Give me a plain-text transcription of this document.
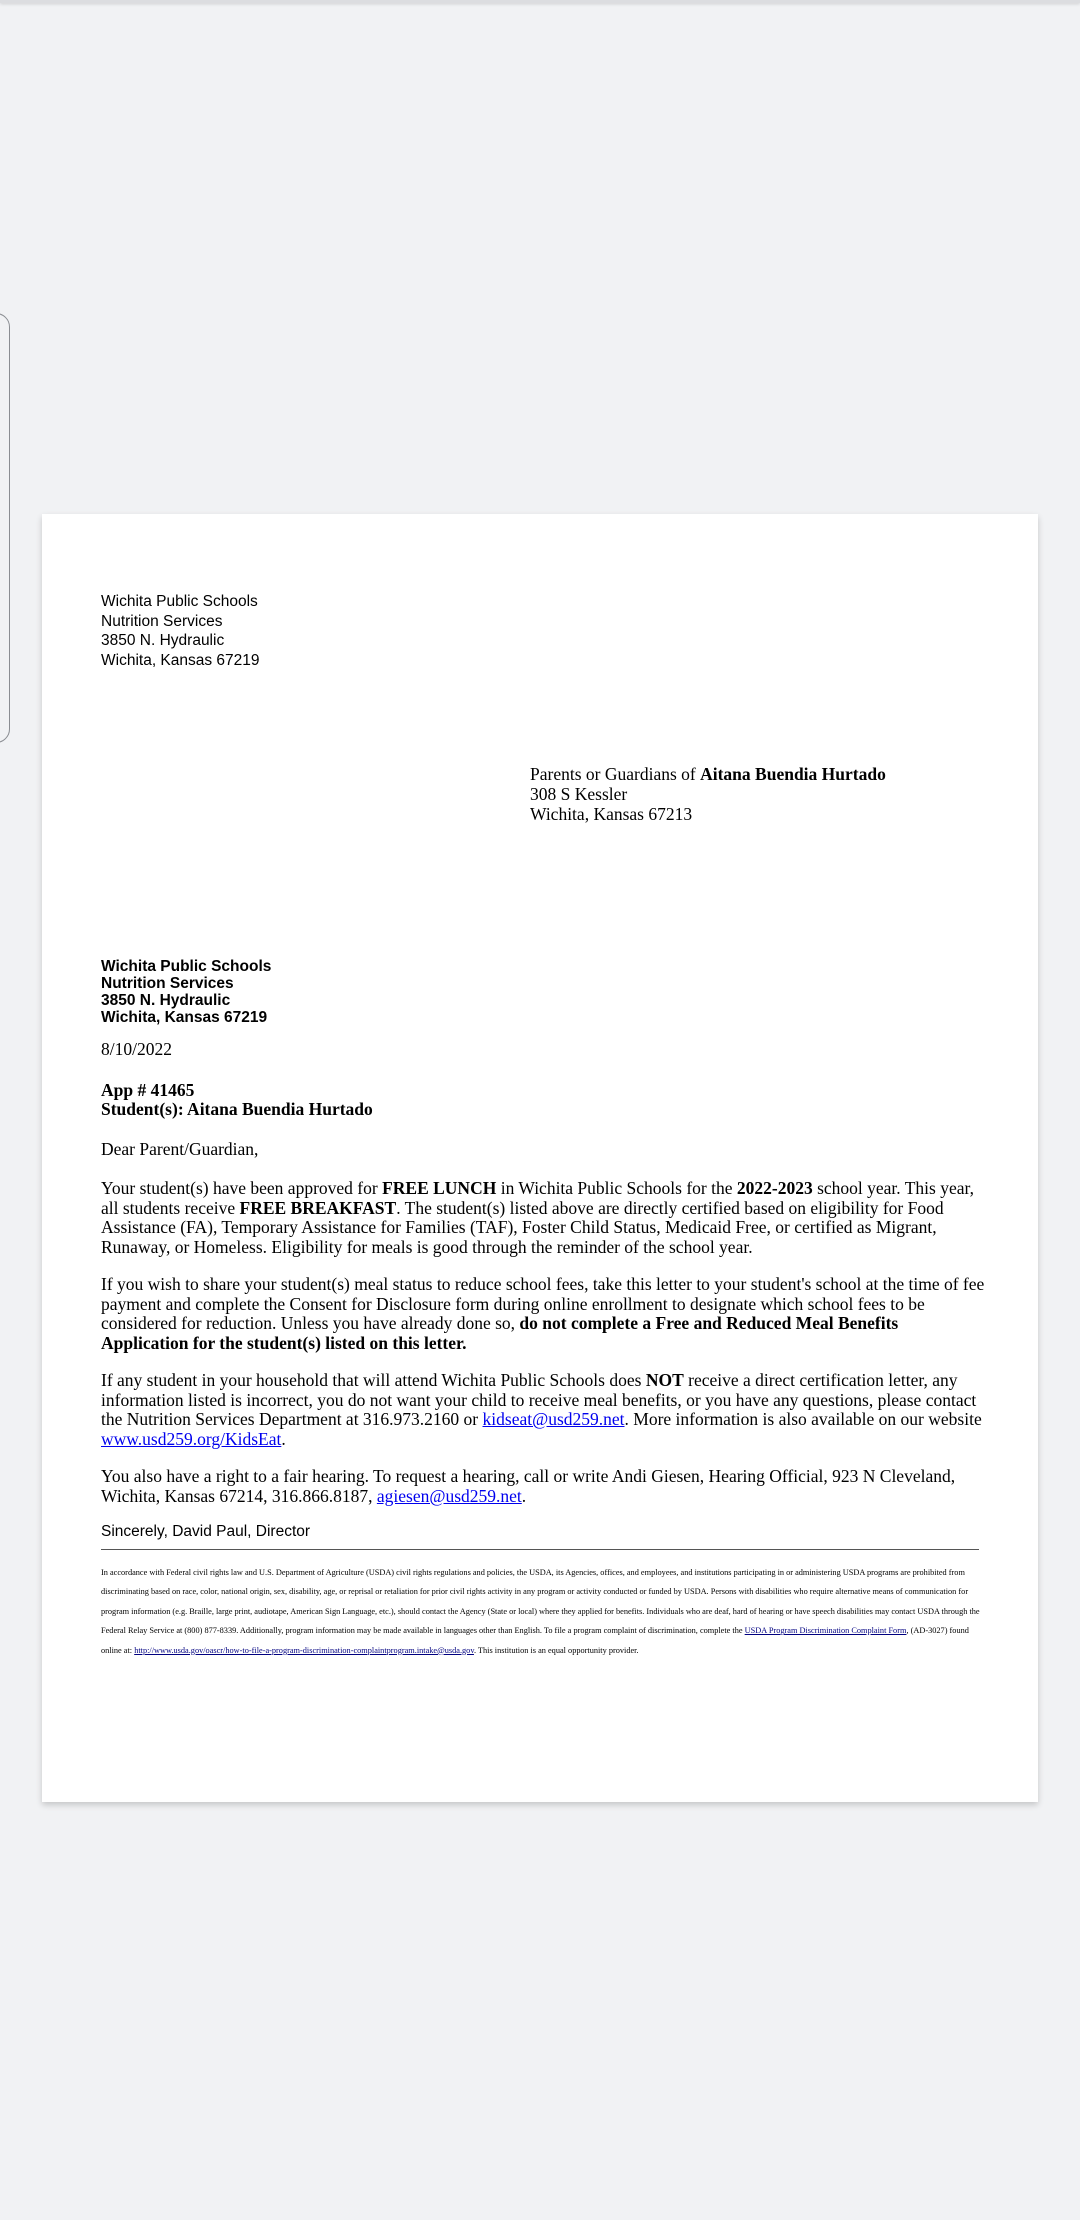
Wichita Public Schools
Nutrition Services
3850 N. Hydraulic
Wichita, Kansas 67219
Parents or Guardians of Aitana Buendia Hurtado
308 S Kessler
Wichita, Kansas 67213
Wichita Public Schools
Nutrition Services
3850 N. Hydraulic
Wichita, Kansas 67219

8/10/2022

App # 41465

Student(s): Aitana Buendia Hurtado

Dear Parent/Guardian,

Your student(s) have been approved for FREE LUNCH in Wichita Public Schools for the 2022-2023 school year. This year, all students receive FREE BREAKFAST. The student(s) listed above are directly certified based on eligibility for Food Assistance (FA), Temporary Assistance for Families (TAF), Foster Child Status, Medicaid Free, or certified as Migrant, Runaway, or Homeless. Eligibility for meals is good through the reminder of the school year.

If you wish to share your student(s) meal status to reduce school fees, take this letter to your student's school at the time of fee payment and complete the Consent for Disclosure form during online enrollment to designate which school fees to be considered for reduction. Unless you have already done so, do not complete a Free and Reduced Meal Benefits Application for the student(s) listed on this letter.

If any student in your household that will attend Wichita Public Schools does NOT receive a direct certification letter, any information listed is incorrect, you do not want your child to receive meal benefits, or you have any questions, please contact the Nutrition Services Department at 316.973.2160 or kidseat@usd259.net. More information is also available on our website www.usd259.org/KidsEat.

You also have a right to a fair hearing. To request a hearing, call or write Andi Giesen, Hearing Official, 923 N Cleveland, Wichita, Kansas 67214, 316.866.8187, agiesen@usd259.net.

Sincerely, David Paul, Director
In accordance with Federal civil rights law and U.S. Department of Agriculture (USDA) civil rights regulations and policies, the USDA, its Agencies, offices, and employees, and institutions participating in or administering USDA programs are prohibited from discriminating based on race, color, national origin, sex, disability, age, or reprisal or retaliation for prior civil rights activity in any program or activity conducted or funded by USDA. Persons with disabilities who require alternative means of communication for program information (e.g. Braille, large print, audiotape, American Sign Language, etc.), should contact the Agency (State or local) where they applied for benefits. Individuals who are deaf, hard of hearing or have speech disabilities may contact USDA through the Federal Relay Service at (800) 877-8339. Additionally, program information may be made available in languages other than English. To file a program complaint of discrimination, complete the USDA Program Discrimination Complaint Form, (AD-3027) found online at: http://www.usda.gov/oascr/how-to-file-a-program-discrimination-complaintprogram.intake@usda.gov. This institution is an equal opportunity provider.
